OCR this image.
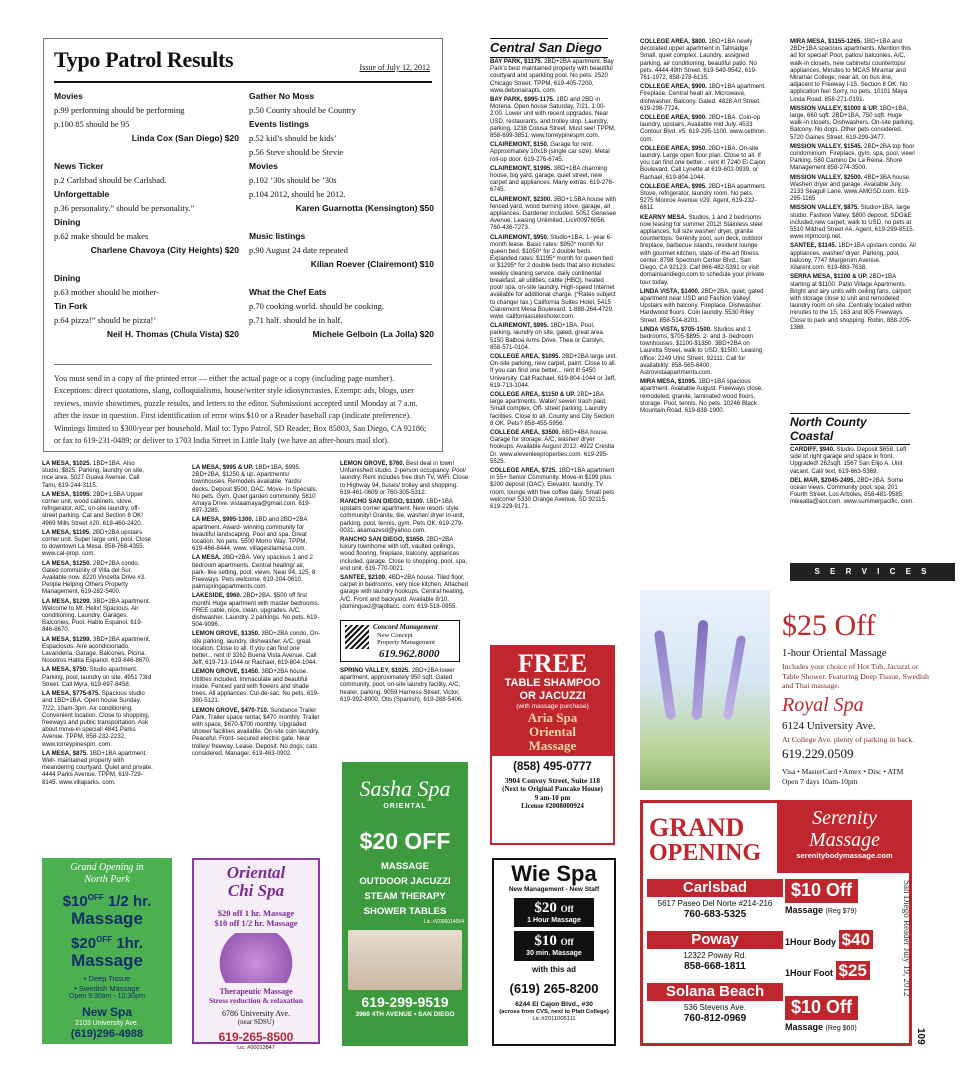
Typo Patrol Results	Issue of July 12, 2012
Movies
p.99 performing should be performing
p.100 85 should be 95
Linda Cox (San Diego) $20

News Ticker
p.2 Carlsbad should be Carlsbad.
Unforgettable
p.36 personality.” should be personality.”
Dining
p.62 make should be makes
Charlene Chavoya (City Heights) $20

Dining
p.63 mother should be mother-
Tin Fork
p.64 pizza!” should be pizza!’
Neil H. Thomas (Chula Vista) $20
Gather No Moss
p.50 County should be Country
Events listings
p.52 kid’s should be kids’
p.56 Steve should be Stevie
Movies
p.102 ’30s should be ’30s
p.104 2012, should be 2012.
Karen Guarnotta (Kensington) $50

Music listings
p.90 August 24 date repeated
Kilian Roever (Clairemont) $10

What the Chef Eats
p.70 cooking world. should be cooking.
p.71 half. should be in half.
Michele Gelboin (La Jolla) $20
You must send in a copy of the printed error — either the actual page or a copy (including page number). Exceptions: direct quotations, slang, colloquialisms, house/writer style idiosyncrasies. Exempt: ads, blogs, user reviews, movie showtimes, puzzle results, and letters to the editor. Submissions accepted until Monday at 7 a.m. after the issue in question. First identification of error wins $10 or a Reader baseball cap (indicate preference). Winnings limited to $300/year per household. Mail to: Typo Patrol, SD Reader, Box 85803, San Diego, CA 92186; or fax to 619-231-0489; or deliver to 1703 India Street in Little Italy (we have an after-hours mail slot).

LA MESA, $1025. 1BD+1BA. Also studio, $825. Parking, laundry on site, nice area. 5027 Guava Avenue. Call Tami, 619-244-3115.

LA MESA, $1095. 2BD+1.5BA Upper corner unit, wood cabinets, stove, refrigerator, A/C, on-site laundry, off- street parking. Cat and Section 8 OK! 4969 Mills Street #20. 619-460-2420.

LA MESA, $1195. 2BD+2BA upstairs corner unit. Super large unit, pool. Close to downtown La Mesa. 858-768-4355. www.cal-prop. com.

LA MESA, $1250. 2BD+2BA condo. Gated community of Villa del Sur. Available now. 8220 Vincetta Drive #3. People Helping Others Property Management, 619-282-5400.

LA MESA, $1299. 3BD+2BA apartment. Welcome to Mt. Helix! Spacious. Air conditioning. Laundry. Garages. Balconies. Pool. Hablo Espanol. 619-846-8670.

LA MESA, $1299. 3BD+2BA apartment. Espaciosos. Aire acondicionado. Lavanderia. Garage. Balcones. Picina. Nosotros Habla Espanol. 619-846-8670.

LA MESA, $750. Studio apartment. Parking, pool, laundry on site. 4951 73rd Street. Call Myra, 619-697-8458.

LA MESA, $775-875. Spacious studio and 1BD+1BA. Open house Sunday, 7/22, 10am-3pm. Air conditioning. Convenient location. Close to shopping, freeways and public transportation. Ask about move-in special! 4841 Parks Avenue. TPPM, 858-232-2232, www.torreypinespm. com.

LA MESA, $875. 1BD+1BA apartment. Well- maintained property with meandering courtyard. Quiet and private. 4444 Parks Avenue. TPPM, 619-729-8145. www.villaparks. com.

LA MESA, $995 & UP. 1BD+1BA, $995. 2BD+2BA, $1250 & up. Apartments/ townhouses. Remodels available. Yards/ decks. Deposit $500, OAC. Move- In Specials. No pets. Gym. Quiet garden community. 5810 Amaya Drive. vistaamaya@gmail.com. 619-697-3285.

LA MESA, $995-1300. 1BD and 2BD+2BA apartment. Award- winning community for beautiful landscaping. Pool and spa. Great location. No pets. 5500 Morro Way. TPPM, 619-466-8444, www. villagestlamesa.com.

LA MESA. 2BD+2BA. Very spacious 1 and 2 bedroom apartments. Central heating/ air, park- like setting, pool, views. Near 94, 125, 8 Freeways. Pets welcome. 619-204-0610. palmspringapartments.com.

LAKESIDE, $960. 2BD+2BA. $500 off first month! Huge apartment with master bedrooms. FREE cable, nice, clean, upgrades. A/C, dishwasher. Laundry. 2 parkings. No pets. 619-504-9096.

LEMON GROVE, $1350. 3BD+2BA condo. On-site parking, laundry, dishwasher, A/C, great location. Close to all. If you can find one better... rent it! 3262 Buena Vista Avenue. Call Jeff, 619-713-1044 or Rachael, 619-804-1044.

LEMON GROVE, $1450. 3BD+2BA house. Utilities included. Immaculate and beautiful inside. Fenced yard with flowers and shade trees. All appliances. Cul-de-sac. No pets. 619-390-5121.

LEMON GROVE, $470-710. Sundance Trailer Park. Trailer space rental, $470 monthly. Trailer with space, $670-$700 monthly. Upgraded shower facilities available. On-site coin laundry. Peaceful. Front- secured electric gate. Near trolley/ freeway. Lease. Deposit. No dogs; cats considered. Manager, 619-463-0902.

LEMON GROVE, $760. Best deal in town! Unfurnished studio. 2-person occupancy. Pool/ laundry. Rent includes free dish TV, WiFi. Close to Highway 94, buses/ trolley and shopping. 619-461-0609 or 760-305-5312.

RANCHO SAN DIEGO, $1100. 1BD+1BA upstairs corner apartment. New resort- style community! Granite, tile, washer/ dryer in-unit, parking, pool, tennis, gym. Pets OK. 619-279-0031, akamazesd@yahoo.com.

RANCHO SAN DIEGO, $1650. 2BD+2BA luxury townhome with loft, vaulted ceilings, wood flooring, fireplace, balcony, appliances included, garage. Close to shopping, pool, spa, end unit. 619-770-0021.

SANTEE, $2100. 4BD+2BA house. Tiled floor, carpet in bedrooms, very nice kitchen. Attached garage with laundry hookups. Central heating, A/C. Front and backyard. Available 8/10. jdominguez@lajollacc. com. 619-518-0955.

Concord Management
New Concept
Property Management
619.962.8000

SPRING VALLEY, $1025. 2BD+2BA lower apartment, approximately 950 sqft. Gated community, pool, on-site laundry facility, A/C, heater, parking. 9059 Harness Street. Victor, 619-992-8000. Otis (Spanish), 619-288-5406.

Central San Diego

BAY PARK, $1175. 2BD+2BA apartment. Bay Park's best maintained property with beautiful courtyard and sparkling pool. No pets. 2520 Chicago Street. TPPM, 619-405-7200, www.debonairapts. com.

BAY PARK, $995-1175. 1BD and 2BD in Morena. Open house Saturday, 7/21, 1:00-2:00. Lower unit with recent upgrades. Near USD, restaurants, and trolley stop. Laundry, parking. 1238 Colusa Street. Must see! TPPM, 858-699-3851, www.torreypinespm.com.

CLAIREMONT, $150. Garage for rent. Approximately 10x18 (single car size). Metal roll-up door. 619-276-6745.

CLAIREMONT, $1995. 3BD+1BA charming house, big yard, garage, quiet street, new carpet and appliances. Many extras. 619-276-6745.

CLAIREMONT, $2300. 3BD+1.5BA house with fenced yard, wood burning stove, garage, all appliances. Gardener included. 5052 Genesee Avenue. Leasing Unlimited, Lic#00976056. 760-436-7273.

CLAIREMONT, $950. Studio+1BA. 1- year 6- month lease. Basic rates: $950* month for queen bed. $1050* for 2 double beds. Expanded rates: $1195* month for queen bed or $1295* for 2 double beds that also includes: weekly cleaning service, daily continental breakfast, all utilities, cable (HBO), heated pool/ spa, on-site laundry. High-speed Internet available for additional charge. (*Rates subject to change/ tax.) California Suites Hotel, 5415 Clairemont Mesa Boulevard. 1-888-264-4729. www. californiasuiteshotel.com.

CLAIREMONT, $995. 1BD+1BA. Pool, parking, laundry on site, gated, great area. 5150 Balboa Arms Drive. Thea or Carolyn, 858-571-0104.

COLLEGE AREA, $1095. 2BD+2BA large unit. On-site parking, new carpet, paint. Close to all. If you can find one better... rent it! 5450 University. Call Rachael, 619-804-1044 or Jeff, 619-713-1044.

COLLEGE AREA, $1150 & UP. 2BD+1BA large apartments. Water/ sewer/ trash paid. Small complex. Off- street parking. Laundry facilities. Close to all. County and City Section 8 OK. Pets? 858-455-5956.

COLLEGE AREA, $3500. 6BD+4BA house. Garage for storage. A/C, washer/ dryer hookups. Available August 2012. 4922 Crestia Dr. www.elevenleeproperties.com. 619-295-5525.

COLLEGE AREA, $725. 1BD+1BA apartment in 55+ Senior Community. Move-in $199 plus $200 deposit (OAC). Elevator, laundry, TV room, lounge with free coffee daily. Small pets welcome! 5330 Orange Avenue, SD 92115. 619-229-9171.

COLLEGE AREA, $800. 1BD+1BA newly decorated upper apartment in Talmadge. Small, quiet complex. Laundry, assigned parking, air conditioning, beautiful patio. No pets. 4444 49th Street. 619-549-9542, 619-761-1972, 858-278-6135.

COLLEGE AREA, $900. 1BD+1BA apartment. Fireplace. Central heat/ air. Microwave, dishwasher. Balcony. Gated. 4828 Art Street. 619-298-7724.

COLLEGE AREA, $900. 2BD+1BA. Coin-op laundry, upstairs, Available mid July. 4533 Contour Blvd. #5. 619-295-1100. www.cethron. com.

COLLEGE AREA, $950. 2BD+1BA. On-site laundry. Large open floor plan. Close to all. If you can find one better... rent it! 7240 El Cajon Boulevard. Call Lynette at 619-602-0939, or Rachael, 619-804-1044.

COLLEGE AREA, $995. 2BD+1BA apartment. Stove, refrigerator, laundry room. No pets. 5275 Monroe Avenue #29. Agent, 619-232-6811.

KEARNY MESA. Studios, 1 and 2 bedrooms now leasing for summer 2012! Stainless steel appliances, full size washer/ dryer, granite countertops. Serenity pool, sun deck, outdoor fireplace, barbecue islands, resident lounge with gourmet kitchen, state-of-the-art fitness center. 8798 Spectrum Center Blvd., San Diego, CA 92123. Call 866-482-5391 or visit domainsandiego.com to schedule your private tour today.

LINDA VISTA, $1400. 2BD+2BA, quiet, gated apartment near USD and Fashion Valley! Upstairs with balcony. Fireplace. Dishwasher. Hardwood floors. Coin laundry. 5530 Riley Street. 858-514-8201.

LINDA VISTA, $705-1500. Studios and 1 bedrooms, $705-$895. 2- and 3- bedroom townhouses, $1100-$1350. 3BD+2BA on Lauretta Street, walk to USD, $1500. Leasing office: 2249 Ulric Street, 92111. Call for availability: 858-565-6400. Astrovistaapartments.com.

MIRA MESA, $1095. 1BD+1BA spacious apartment. Available August. Freeways close, remodeled, granite, laminated wood floors, storage. Pool, tennis. No pets. 10246 Black Mountain Road. 619-838-1900.

MIRA MESA, $1155-1265. 1BD+1BA and 2BD+1BA spacious apartments. Mention this ad for special! Pool, patios/ balconies, A/C, walk-in closets, new cabinets/ countertops/ appliances. Minutes to MCAS Miramar and Miramar College; near all, on bus line, adjacent to Freeway I-15. Section 8 OK. No application fee! Sorry, no pets. 10101 Maya Linda Road. 858-271-0191.

MISSION VALLEY, $1000 & UP. 1BD+1BA, large, 660 sqft. 2BD+1BA, 750 sqft. Huge walk-in closets. Dishwashers. On-site parking. Balcony. No dogs. Other pets considered. 5720 Gaines Street. 619-299-3477.

MISSION VALLEY, $1545. 2BD+2BA top floor condominium. Fireplace, gym, spa, pool, view! Parking. 580 Camino De La Reina. Shore Management 858-274-3500.

MISSION VALLEY, $2500. 4BD+3BA house. Washer/ dryer and garage. Available July. 2133 Seagull Lane. www.AMGSD.com. 619-295-1165

MISSION VALLEY, $875. Studio+1BA, large studio. Fashion Valley. $800 deposit, SDG&E included,new carpet, walk to USD, no pets at 5510 Mildred Street #A. Agent, 619-299-8515. www.mpmcorp.net.

SANTEE, $1145. 1BD+1BA upstairs condo. All appliances, washer/ dryer. Parking, pool, balcony. 7747 Margerum Avenue. Xilarent.com. 619-683-7638.

SERRA MESA, $1100 & UP. 2BD+1BA starting at $1100. Patio Village Apartments. Bright and airy units with ceiling fans, carport with storage close to unit and remodeled laundry room on site. Centrally located within minutes to the 15, 163 and 805 Freeways. Close to park and shopping. Robin, 888-205-1388.

North County Coastal

CARDIFF, $940. Studio. Deposit $658. Left side of right garage and space in front. Upgraded! 262sqft. 1567 San Elijo A. Unit vacant. Call/ text, 619-663-5369.

DEL MAR, $2045-2495. 2BD+2BA. Some ocean views. Community pool, spa. 201 Fourth Street. Los Arboles, 858-481-9585; mikeatla@aol.com. www.summerpacific. com.

S E R V I C E S
$25 Off
1-hour Oriental Massage
Includes your choice of Hot Tub, Jacuzzi or Table Shower. Featuring Deep Tissue, Swedish and Thai massage.
Royal Spa
6124 University Ave.
At College Ave. plenty of parking in back.
619.229.0509
Visa • MasterCard • Amex • Disc • ATM
Open 7 days 10am-10pm
FREE
TABLE SHAMPOO
OR JACUZZI
(with massage purchase)
Aria Spa
Oriental
Massage
(858) 495-0777
3904 Convoy Street, Suite 118
(Next to Original Pancake House)
9 am-10 pm
License #2008000924
Wie Spa
New Management - New Staff
$20 Off
1 Hour Massage
$10 Off
30 min. Massage
with this ad
(619) 265-8200
6244 El Cajon Blvd., #30
(across from CVS, next to Platt College)
Lic.#2011005111
Sasha Spa
ORIENTAL
$20 OFF
MASSAGE
OUTDOOR JACUZZI
STEAM THERAPY
SHOWER TABLES
Lic. #Z006014054
619-299-9519
3960 4TH AVENUE • SAN DIEGO
Grand Opening in
North Park
$\$10^{OFF}$ 1/2 hr.
Massage
$\$20^{OFF}$ 1hr.
Massage
• Deep Tissue
• Swedish Massage
Open 9:30am - 10:30pm
New Spa
2103 University Ave.
(619)296-4988
Oriental
Chi Spa
$20 off 1 hr. Massage
$10 off 1/2 hr. Massage
Therapeutic Massage
Stress reduction & relaxation
6786 University Ave.
(near SDSU)
619-265-8500
Lic. #00012847
GRAND
OPENING
Serenity
Massage
serenitybodymassage.com
Carlsbad
5617 Paseo Del Norte #214-216
760-683-5325
Poway
12322 Poway Rd.
858-668-1811
Solana Beach
536 Stevens Ave.
760-812-0969
$10 Off
Massage (Reg $79)
1Hour Body $40
1Hour Foot $25
$10 Off
Massage (Reg $60)
San Diego Reader July 19, 2012
109
